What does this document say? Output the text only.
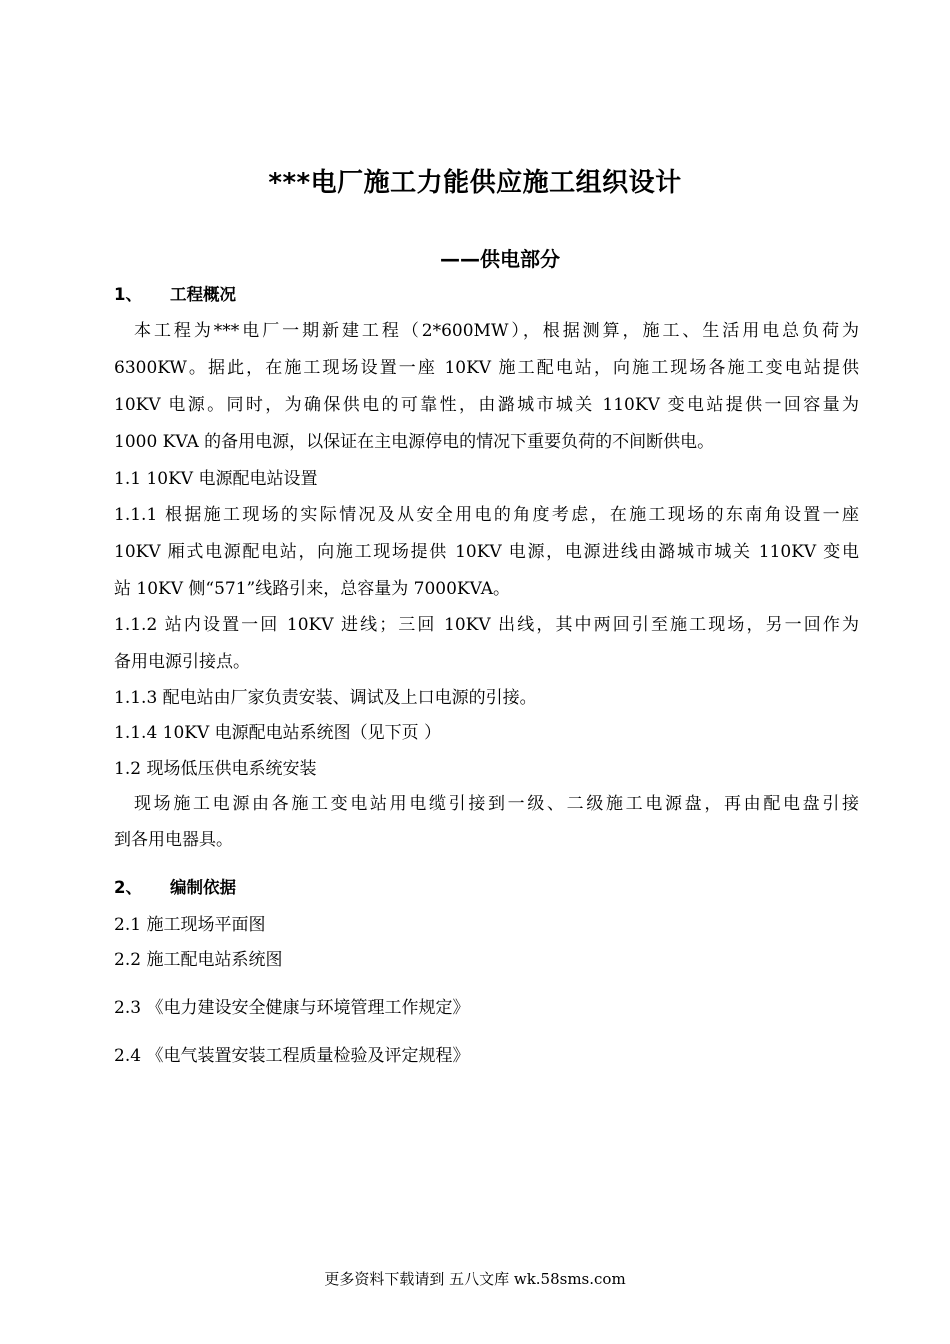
***电厂施工力能供应施工组织设计
——供电部分
1、 工程概况
本工程为***电厂一期新建工程（2*600MW），根据测算，施工、生活用电总负荷为
6300KW。据此，在施工现场设置一座 10KV 施工配电站，向施工现场各施工变电站提供
10KV 电源。同时，为确保供电的可靠性，由潞城市城关 110KV 变电站提供一回容量为
1000 KVA 的备用电源，以保证在主电源停电的情况下重要负荷的不间断供电。
1.1 10KV 电源配电站设置
1.1.1 根据施工现场的实际情况及从安全用电的角度考虑，在施工现场的东南角设置一座
10KV 厢式电源配电站，向施工现场提供 10KV 电源，电源进线由潞城市城关 110KV 变电
站 10KV 侧“571”线路引来，总容量为 7000KVA。
1.1.2 站内设置一回 10KV 进线；三回 10KV 出线，其中两回引至施工现场，另一回作为
备用电源引接点。
1.1.3 配电站由厂家负责安装、调试及上口电源的引接。
1.1.4 10KV 电源配电站系统图（见下页 ）
1.2 现场低压供电系统安装
现场施工电源由各施工变电站用电缆引接到一级、二级施工电源盘，再由配电盘引接
到各用电器具。
2、 编制依据
2.1 施工现场平面图
2.2 施工配电站系统图
2.3 《电力建设安全健康与环境管理工作规定》
2.4 《电气装置安装工程质量检验及评定规程》
更多资料下载请到 五八文库 wk.58sms.com
